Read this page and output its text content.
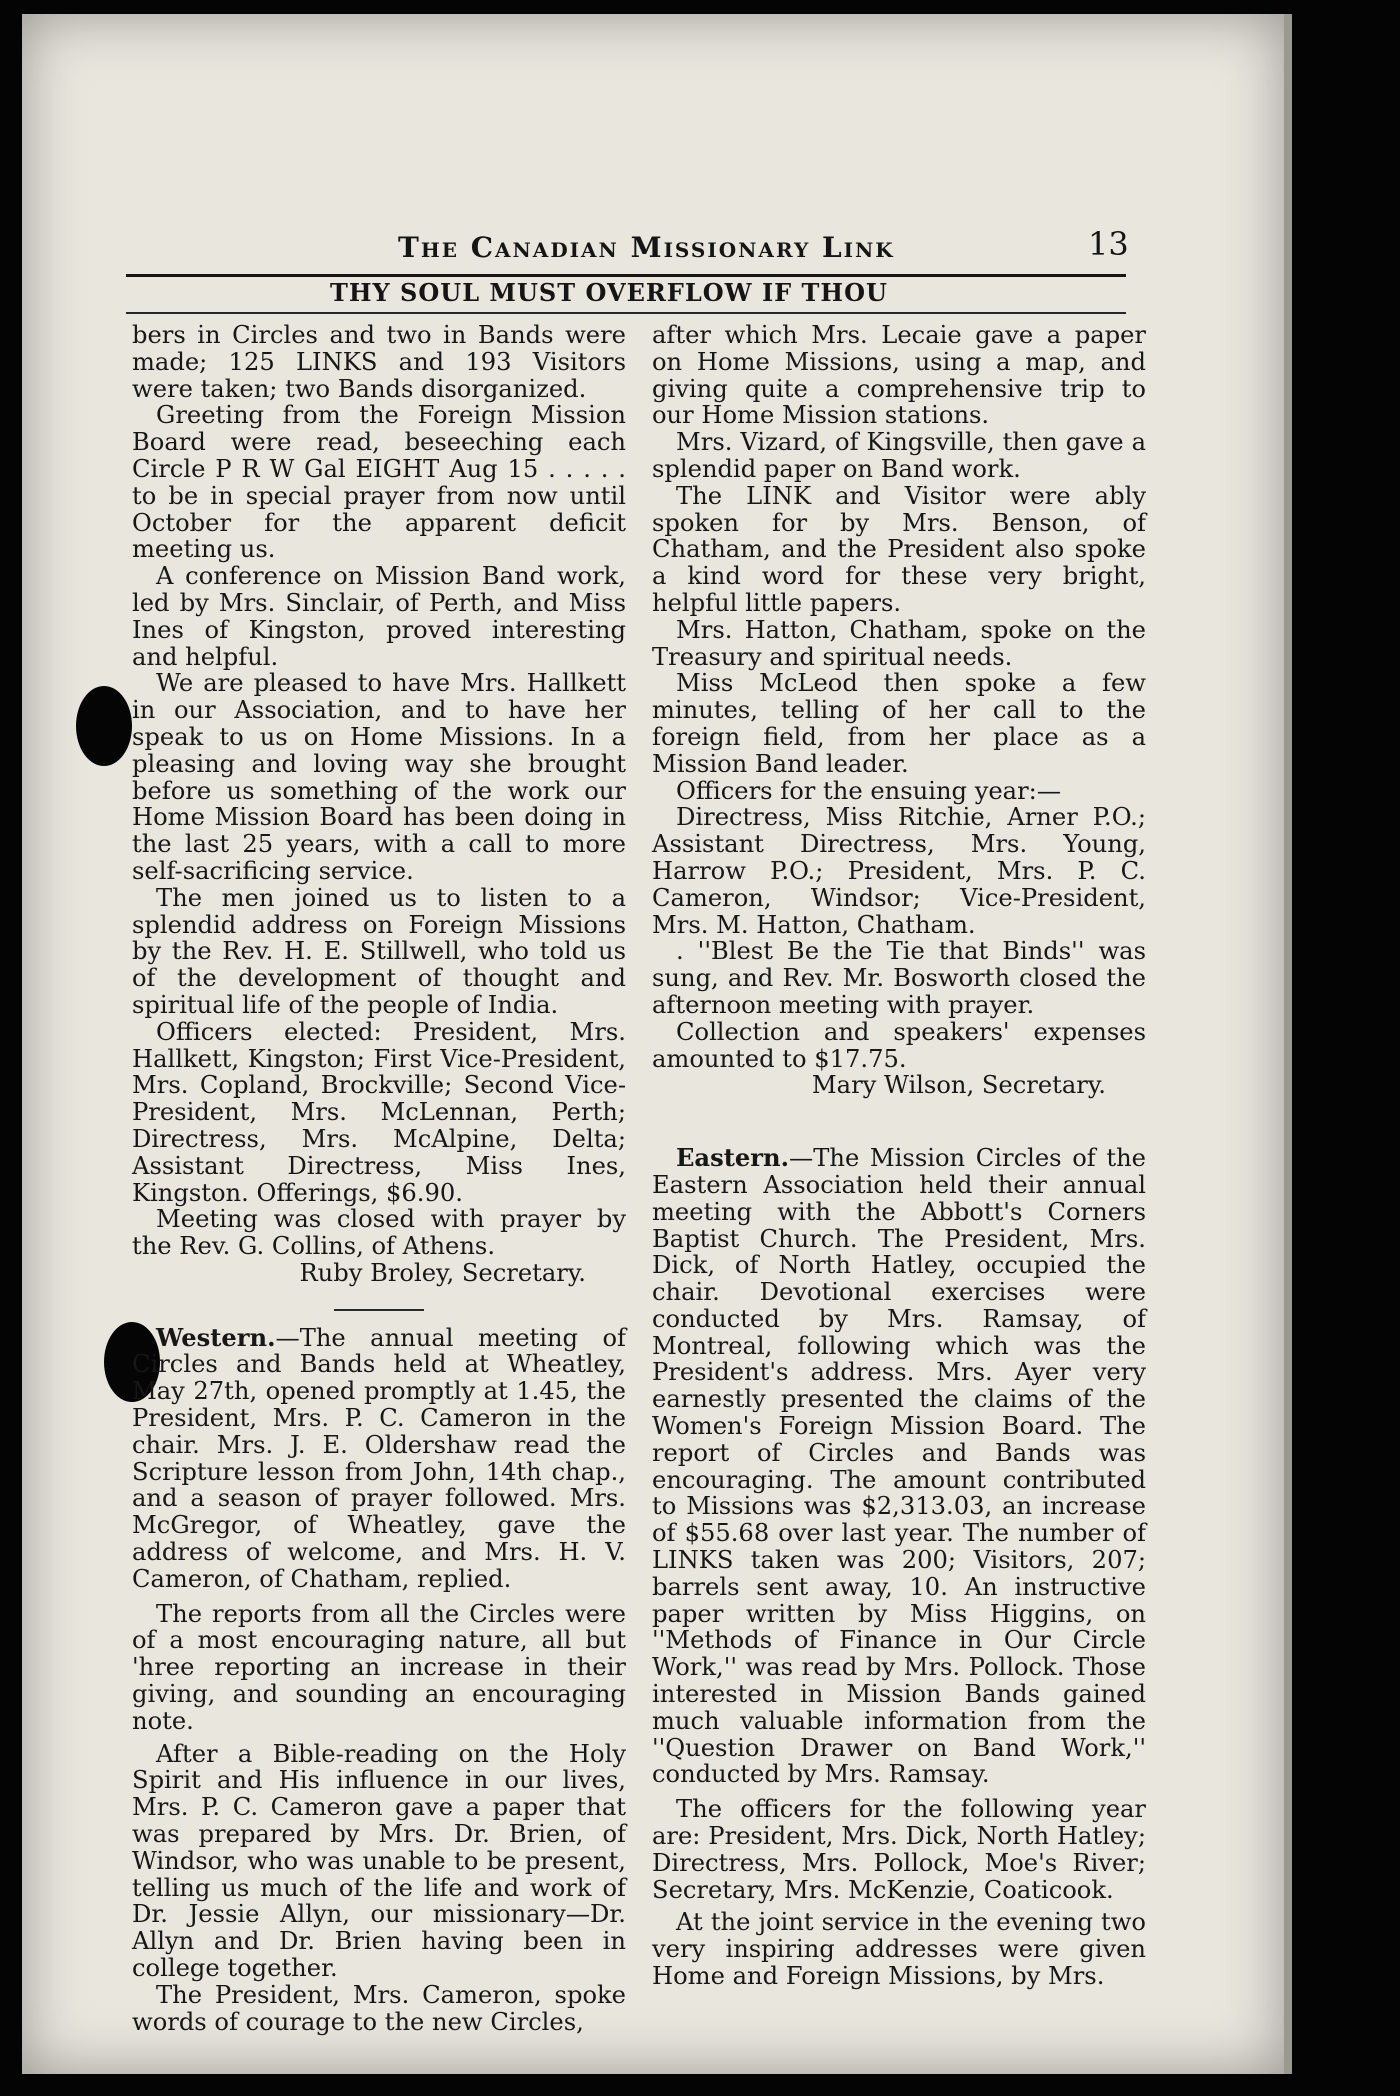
The Canadian Missionary Link	13
THY SOUL MUST OVERFLOW IF THOU

bers in Circles and two in Bands were made; 125 LINKS and 193 Visitors were taken; two Bands disorganized.

Greeting from the Foreign Mission Board were read, beseeching each Circle P R W Gal EIGHT Aug 15 . . . . . to be in special prayer from now until October for the apparent deficit meeting us.

A conference on Mission Band work, led by Mrs. Sinclair, of Perth, and Miss Ines of Kingston, proved interesting and helpful.

We are pleased to have Mrs. Hallkett in our Association, and to have her speak to us on Home Missions. In a pleasing and loving way she brought before us something of the work our Home Mission Board has been doing in the last 25 years, with a call to more self-sacrificing service.

The men joined us to listen to a splendid address on Foreign Missions by the Rev. H. E. Stillwell, who told us of the development of thought and spiritual life of the people of India.

Officers elected: President, Mrs. Hallkett, Kingston; First Vice-President, Mrs. Copland, Brockville; Second Vice-President, Mrs. McLennan, Perth; Directress, Mrs. McAlpine, Delta; Assistant Directress, Miss Ines, Kingston. Offerings, $6.90.

Meeting was closed with prayer by the Rev. G. Collins, of Athens.

Ruby Broley, Secretary.

Western.—The annual meeting of Circles and Bands held at Wheatley, May 27th, opened promptly at 1.45, the President, Mrs. P. C. Cameron in the chair. Mrs. J. E. Oldershaw read the Scripture lesson from John, 14th chap., and a season of prayer followed. Mrs. McGregor, of Wheatley, gave the address of welcome, and Mrs. H. V. Cameron, of Chatham, replied.

The reports from all the Circles were of a most encouraging nature, all but 'hree reporting an increase in their giving, and sounding an encouraging note.

After a Bible-reading on the Holy Spirit and His influence in our lives, Mrs. P. C. Cameron gave a paper that was prepared by Mrs. Dr. Brien, of Windsor, who was unable to be present, telling us much of the life and work of Dr. Jessie Allyn, our missionary—Dr. Allyn and Dr. Brien having been in college together.

The President, Mrs. Cameron, spoke words of courage to the new Circles,

after which Mrs. Lecaie gave a paper on Home Missions, using a map, and giving quite a comprehensive trip to our Home Mission stations.

Mrs. Vizard, of Kingsville, then gave a splendid paper on Band work.

The LINK and Visitor were ably spoken for by Mrs. Benson, of Chatham, and the President also spoke a kind word for these very bright, helpful little papers.

Mrs. Hatton, Chatham, spoke on the Treasury and spiritual needs.

Miss McLeod then spoke a few minutes, telling of her call to the foreign field, from her place as a Mission Band leader.

Officers for the ensuing year:—

Directress, Miss Ritchie, Arner P.O.; Assistant Directress, Mrs. Young, Harrow P.O.; President, Mrs. P. C. Cameron, Windsor; Vice-President, Mrs. M. Hatton, Chatham.

. ''Blest Be the Tie that Binds'' was sung, and Rev. Mr. Bosworth closed the afternoon meeting with prayer.

Collection and speakers' expenses amounted to $17.75.

Mary Wilson, Secretary.

Eastern.—The Mission Circles of the Eastern Association held their annual meeting with the Abbott's Corners Baptist Church. The President, Mrs. Dick, of North Hatley, occupied the chair. Devotional exercises were conducted by Mrs. Ramsay, of Montreal, following which was the President's address. Mrs. Ayer very earnestly presented the claims of the Women's Foreign Mission Board. The report of Circles and Bands was encouraging. The amount contributed to Missions was $2,313.03, an increase of $55.68 over last year. The number of LINKS taken was 200; Visitors, 207; barrels sent away, 10. An instructive paper written by Miss Higgins, on ''Methods of Finance in Our Circle Work,'' was read by Mrs. Pollock. Those interested in Mission Bands gained much valuable information from the ''Question Drawer on Band Work,'' conducted by Mrs. Ramsay.

The officers for the following year are: President, Mrs. Dick, North Hatley; Directress, Mrs. Pollock, Moe's River; Secretary, Mrs. McKenzie, Coaticook.

At the joint service in the evening two very inspiring addresses were given Home and Foreign Missions, by Mrs.
